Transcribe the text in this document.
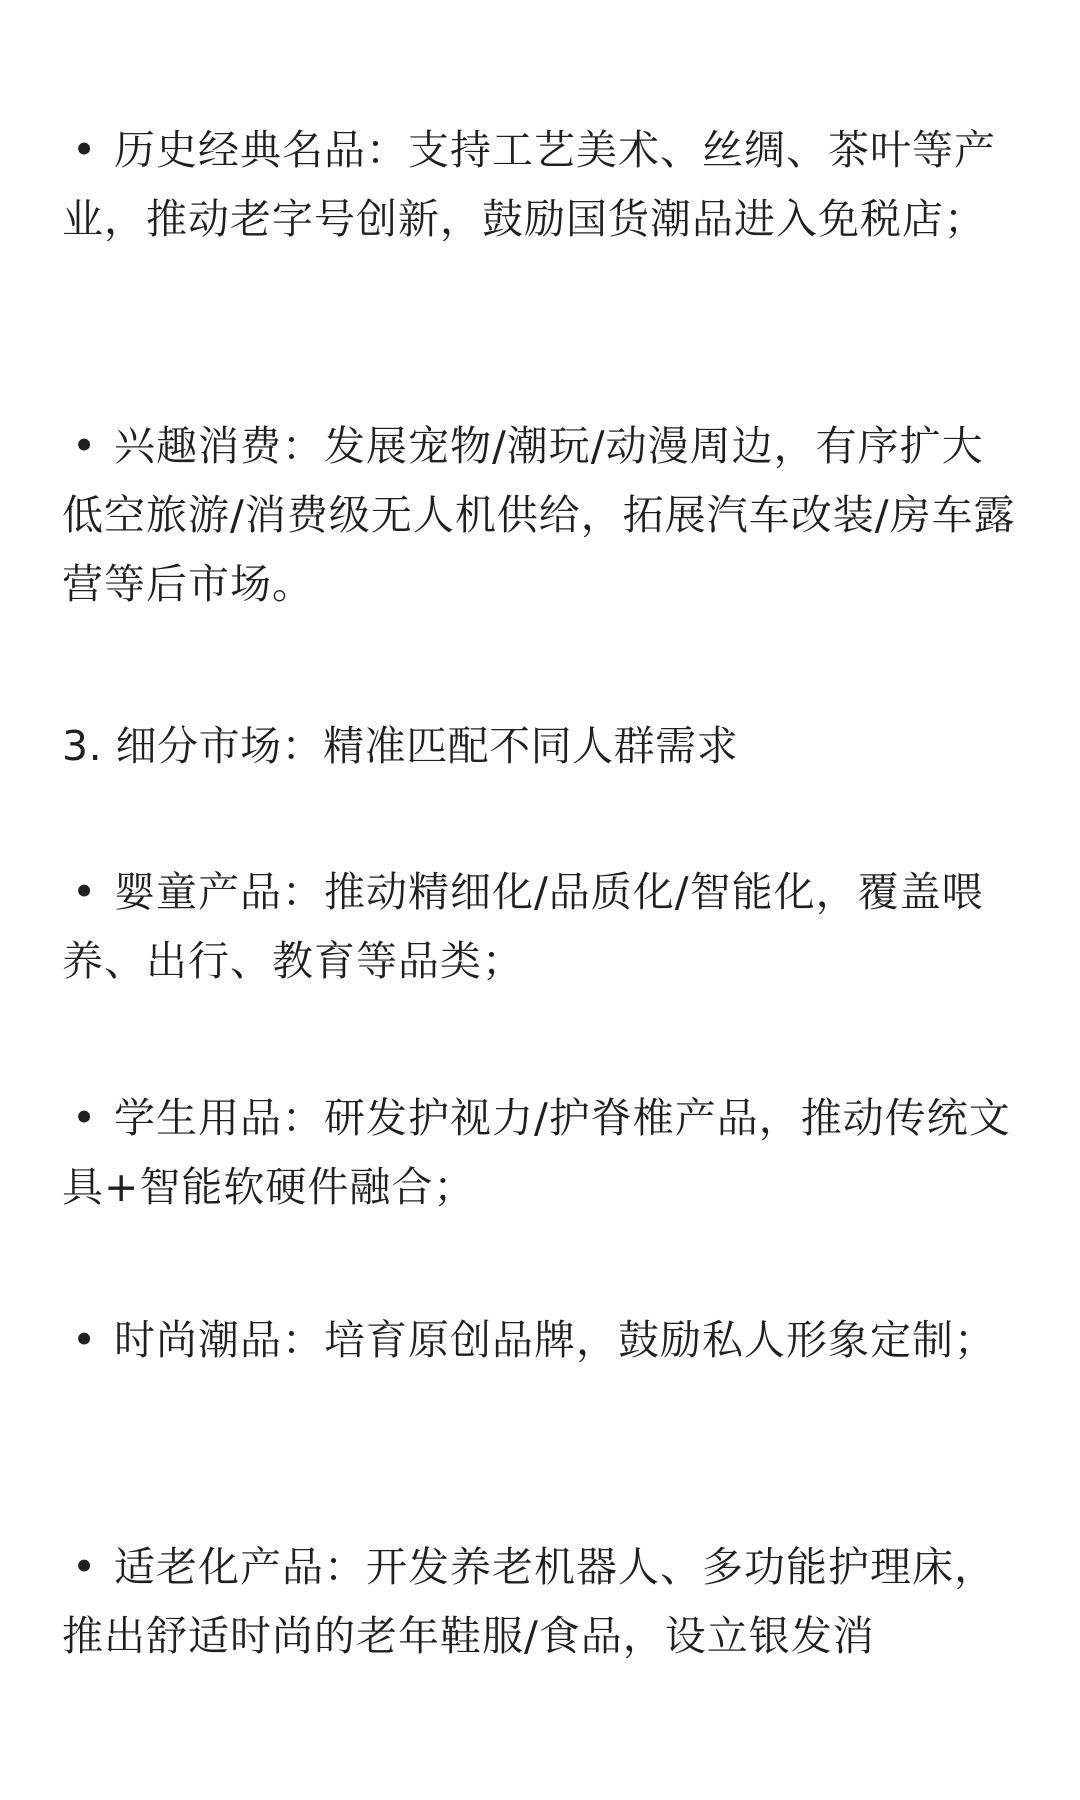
• 历史经典名品：支持工艺美术、丝绸、茶叶等产业，推动老字号创新，鼓励国货潮品进入免税店；

• 兴趣消费：发展宠物/潮玩/动漫周边，有序扩大低空旅游/消费级无人机供给，拓展汽车改装/房车露营等后市场。

3. 细分市场：精准匹配不同人群需求

• 婴童产品：推动精细化/品质化/智能化，覆盖喂养、出行、教育等品类；

• 学生用品：研发护视力/护脊椎产品，推动传统文具+智能软硬件融合；

• 时尚潮品：培育原创品牌，鼓励私人形象定制；

• 适老化产品：开发养老机器人、多功能护理床，推出舒适时尚的老年鞋服/食品，设立银发消
